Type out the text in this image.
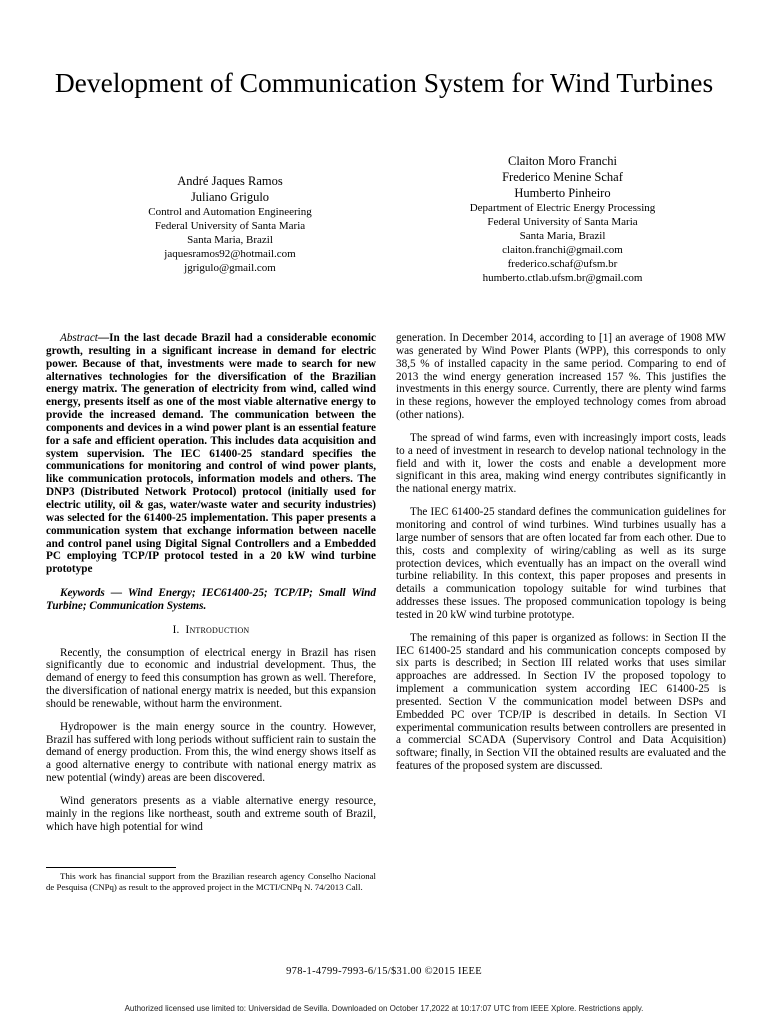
Development of Communication System for Wind Turbines
André Jaques Ramos
Juliano Grigulo
Control and Automation Engineering
Federal University of Santa Maria
Santa Maria, Brazil
jaquesramos92@hotmail.com
jgrigulo@gmail.com
Claiton Moro Franchi
Frederico Menine Schaf
Humberto Pinheiro
Department of Electric Energy Processing
Federal University of Santa Maria
Santa Maria, Brazil
claiton.franchi@gmail.com
frederico.schaf@ufsm.br
humberto.ctlab.ufsm.br@gmail.com

Abstract—In the last decade Brazil had a considerable economic growth, resulting in a significant increase in demand for electric power. Because of that, investments were made to search for new alternatives technologies for the diversification of the Brazilian energy matrix. The generation of electricity from wind, called wind energy, presents itself as one of the most viable alternative energy to provide the increased demand. The communication between the components and devices in a wind power plant is an essential feature for a safe and efficient operation. This includes data acquisition and system supervision. The IEC 61400-25 standard specifies the communications for monitoring and control of wind power plants, like communication protocols, information models and others. The DNP3 (Distributed Network Protocol) protocol (initially used for electric utility, oil & gas, water/waste water and security industries) was selected for the 61400-25 implementation. This paper presents a communication system that exchange information between nacelle and control panel using Digital Signal Controllers and a Embedded PC employing TCP/IP protocol tested in a 20 kW wind turbine prototype

Keywords — Wind Energy; IEC61400-25; TCP/IP; Small Wind Turbine; Communication Systems.

I. Introduction

Recently, the consumption of electrical energy in Brazil has risen significantly due to economic and industrial development. Thus, the demand of energy to feed this consumption has grown as well. Therefore, the diversification of national energy matrix is needed, but this expansion should be renewable, without harm the environment.

Hydropower is the main energy source in the country. However, Brazil has suffered with long periods without sufficient rain to sustain the demand of energy production. From this, the wind energy shows itself as a good alternative energy to contribute with national energy matrix as new potential (windy) areas are been discovered.

Wind generators presents as a viable alternative energy resource, mainly in the regions like northeast, south and extreme south of Brazil, which have high potential for wind

generation. In December 2014, according to [1] an average of 1908 MW was generated by Wind Power Plants (WPP), this corresponds to only 38,5 % of installed capacity in the same period. Comparing to end of 2013 the wind energy generation increased 157 %. This justifies the investments in this energy source. Currently, there are plenty wind farms in these regions, however the employed technology comes from abroad (other nations).

The spread of wind farms, even with increasingly import costs, leads to a need of investment in research to develop national technology in the field and with it, lower the costs and enable a development more significant in this area, making wind energy contributes significantly in the national energy matrix.

The IEC 61400-25 standard defines the communication guidelines for monitoring and control of wind turbines. Wind turbines usually has a large number of sensors that are often located far from each other. Due to this, costs and complexity of wiring/cabling as well as its surge protection devices, which eventually has an impact on the overall wind turbine reliability. In this context, this paper proposes and presents in details a communication topology suitable for wind turbines that addresses these issues. The proposed communication topology is being tested in 20 kW wind turbine prototype.

The remaining of this paper is organized as follows: in Section II the IEC 61400-25 standard and his communication concepts composed by six parts is described; in Section III related works that uses similar approaches are addressed. In Section IV the proposed topology to implement a communication system according IEC 61400-25 is presented. Section V the communication model between DSPs and Embedded PC over TCP/IP is described in details. In Section VI experimental communication results between controllers are presented in a commercial SCADA (Supervisory Control and Data Acquisition) software; finally, in Section VII the obtained results are evaluated and the features of the proposed system are discussed.

This work has financial support from the Brazilian research agency Conselho Nacional de Pesquisa (CNPq) as result to the approved project in the MCTI/CNPq N. 74/2013 Call.
978-1-4799-7993-6/15/$31.00 ©2015 IEEE
Authorized licensed use limited to: Universidad de Sevilla. Downloaded on October 17,2022 at 10:17:07 UTC from IEEE Xplore. Restrictions apply.
